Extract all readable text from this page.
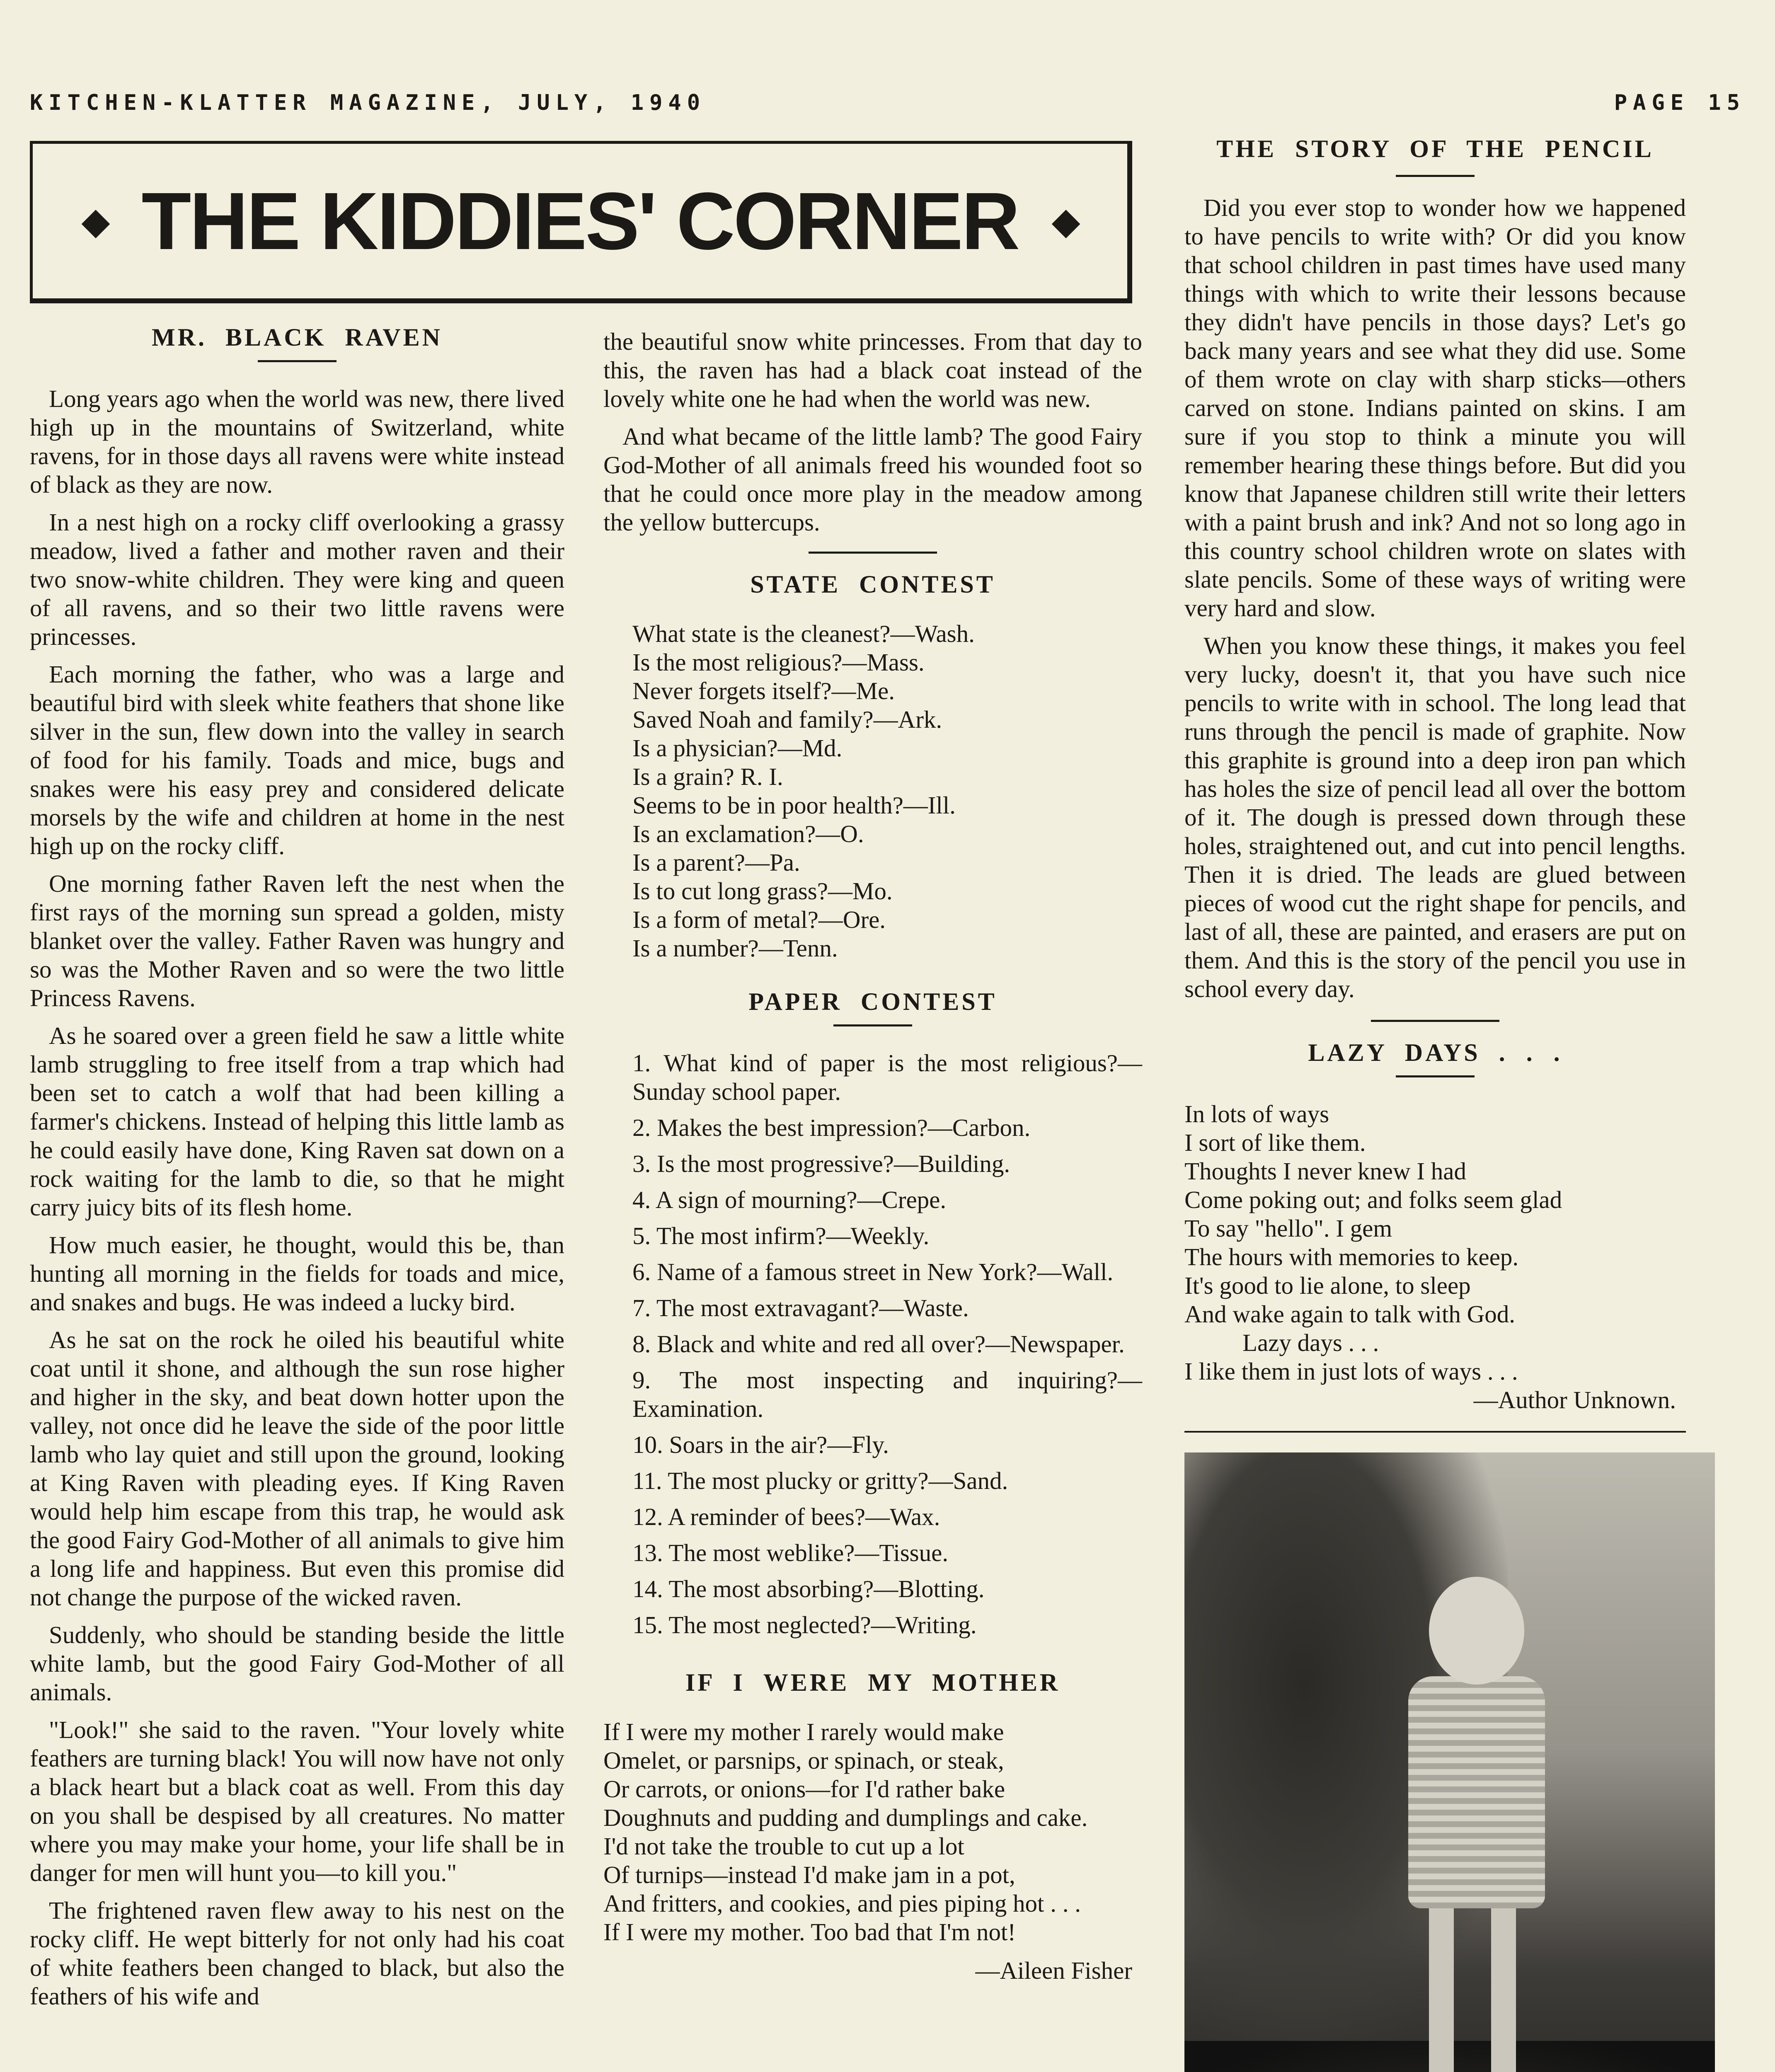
KITCHEN-KLATTER MAGAZINE, JULY, 1940	PAGE 15
◆ THE KIDDIES' CORNER ◆
MR. BLACK RAVEN

Long years ago when the world was new, there lived high up in the mountains of Switzerland, white ravens, for in those days all ravens were white instead of black as they are now.

In a nest high on a rocky cliff overlooking a grassy meadow, lived a father and mother raven and their two snow-white children. They were king and queen of all ravens, and so their two little ravens were princesses.

Each morning the father, who was a large and beautiful bird with sleek white feathers that shone like silver in the sun, flew down into the valley in search of food for his family. Toads and mice, bugs and snakes were his easy prey and considered delicate morsels by the wife and children at home in the nest high up on the rocky cliff.

One morning father Raven left the nest when the first rays of the morning sun spread a golden, misty blanket over the valley. Father Raven was hungry and so was the Mother Raven and so were the two little Princess Ravens.

As he soared over a green field he saw a little white lamb struggling to free itself from a trap which had been set to catch a wolf that had been killing a farmer's chickens. Instead of helping this little lamb as he could easily have done, King Raven sat down on a rock waiting for the lamb to die, so that he might carry juicy bits of its flesh home.

How much easier, he thought, would this be, than hunting all morning in the fields for toads and mice, and snakes and bugs. He was indeed a lucky bird.

As he sat on the rock he oiled his beautiful white coat until it shone, and although the sun rose higher and higher in the sky, and beat down hotter upon the valley, not once did he leave the side of the poor little lamb who lay quiet and still upon the ground, looking at King Raven with pleading eyes. If King Raven would help him escape from this trap, he would ask the good Fairy God-Mother of all animals to give him a long life and happiness. But even this promise did not change the purpose of the wicked raven.

Suddenly, who should be standing beside the little white lamb, but the good Fairy God-Mother of all animals.

"Look!" she said to the raven. "Your lovely white feathers are turning black! You will now have not only a black heart but a black coat as well. From this day on you shall be despised by all creatures. No matter where you may make your home, your life shall be in danger for men will hunt you—to kill you."

The frightened raven flew away to his nest on the rocky cliff. He wept bitterly for not only had his coat of white feathers been changed to black, but also the feathers of his wife and

the beautiful snow white princesses. From that day to this, the raven has had a black coat instead of the lovely white one he had when the world was new.

And what became of the little lamb? The good Fairy God-Mother of all animals freed his wounded foot so that he could once more play in the meadow among the yellow buttercups.

STATE CONTEST
What state is the cleanest?—Wash.
Is the most religious?—Mass.
Never forgets itself?—Me.
Saved Noah and family?—Ark.
Is a physician?—Md.
Is a grain? R. I.
Seems to be in poor health?—Ill.
Is an exclamation?—O.
Is a parent?—Pa.
Is to cut long grass?—Mo.
Is a form of metal?—Ore.
Is a number?—Tenn.
PAPER CONTEST
1. What kind of paper is the most religious?—Sunday school paper.
2. Makes the best impression?—Carbon.
3. Is the most progressive?—Building.
4. A sign of mourning?—Crepe.
5. The most infirm?—Weekly.
6. Name of a famous street in New York?—Wall.
7. The most extravagant?—Waste.
8. Black and white and red all over?—Newspaper.
9. The most inspecting and inquiring?—Examination.
10. Soars in the air?—Fly.
11. The most plucky or gritty?—Sand.
12. A reminder of bees?—Wax.
13. The most weblike?—Tissue.
14. The most absorbing?—Blotting.
15. The most neglected?—Writing.
IF I WERE MY MOTHER
If I were my mother I rarely would make
Omelet, or parsnips, or spinach, or steak,
Or carrots, or onions—for I'd rather bake
Doughnuts and pudding and dumplings and cake.
I'd not take the trouble to cut up a lot
Of turnips—instead I'd make jam in a pot,
And fritters, and cookies, and pies piping hot . . .
If I were my mother. Too bad that I'm not!
—Aileen Fisher
THE STORY OF THE PENCIL

Did you ever stop to wonder how we happened to have pencils to write with? Or did you know that school children in past times have used many things with which to write their lessons because they didn't have pencils in those days? Let's go back many years and see what they did use. Some of them wrote on clay with sharp sticks—others carved on stone. Indians painted on skins. I am sure if you stop to think a minute you will remember hearing these things before. But did you know that Japanese children still write their letters with a paint brush and ink? And not so long ago in this country school children wrote on slates with slate pencils. Some of these ways of writing were very hard and slow.

When you know these things, it makes you feel very lucky, doesn't it, that you have such nice pencils to write with in school. The long lead that runs through the pencil is made of graphite. Now this graphite is ground into a deep iron pan which has holes the size of pencil lead all over the bottom of it. The dough is pressed down through these holes, straightened out, and cut into pencil lengths. Then it is dried. The leads are glued between pieces of wood cut the right shape for pencils, and last of all, these are painted, and erasers are put on them. And this is the story of the pencil you use in school every day.

LAZY DAYS . . .
In lots of ways
I sort of like them.
Thoughts I never knew I had
Come poking out; and folks seem glad
To say "hello". I gem
The hours with memories to keep.
It's good to lie alone, to sleep
And wake again to talk with God.
Lazy days . . .
I like them in just lots of ways . . .
—Author Unknown.
